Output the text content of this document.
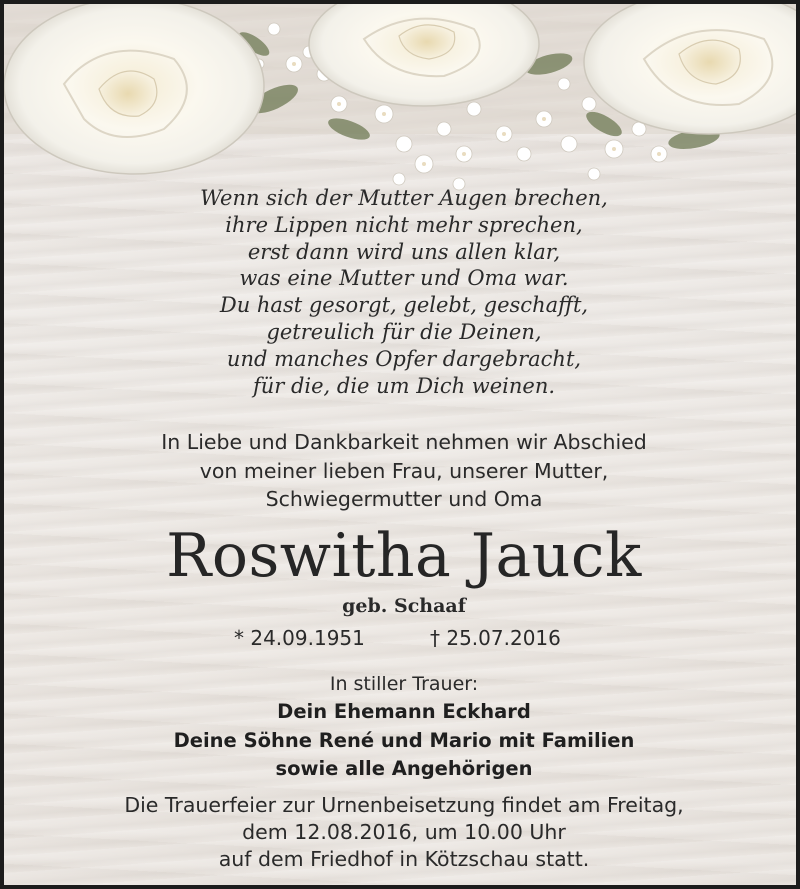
Wenn sich der Mutter Augen brechen,
ihre Lippen nicht mehr sprechen,
erst dann wird uns allen klar,
was eine Mutter und Oma war.
Du hast gesorgt, gelebt, geschafft,
getreulich für die Deinen,
und manches Opfer dargebracht,
für die, die um Dich weinen.
In Liebe und Dankbarkeit nehmen wir Abschied
von meiner lieben Frau, unserer Mutter,
Schwiegermutter und Oma
Roswitha Jauck
geb. Schaaf
* 24.09.1951	† 25.07.2016
In stiller Trauer:
Dein Ehemann Eckhard
Deine Söhne René und Mario mit Familien
sowie alle Angehörigen
Die Trauerfeier zur Urnenbeisetzung findet am Freitag,
dem 12.08.2016, um 10.00 Uhr
auf dem Friedhof in Kötzschau statt.
